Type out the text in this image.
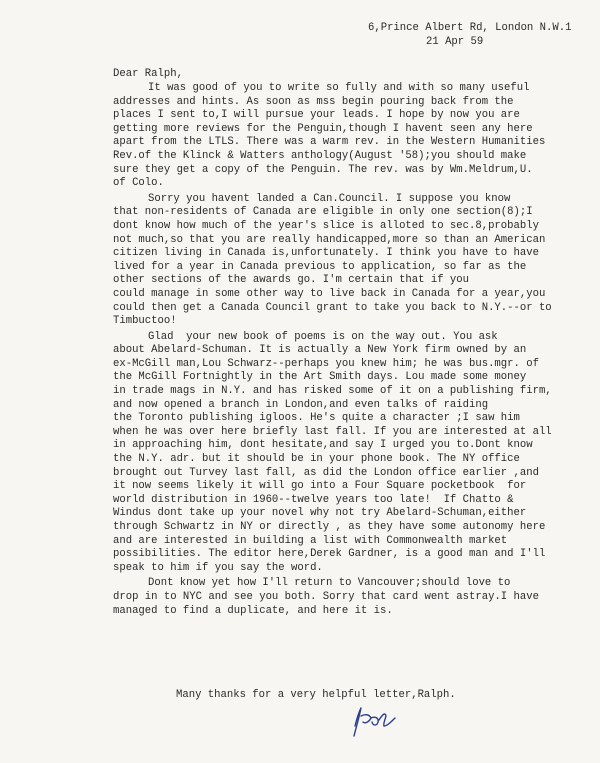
6,Prince Albert Rd, London N.W.1
21 Apr 59
Dear Ralph,
It was good of you to write so fully and with so many useful
addresses and hints. As soon as mss begin pouring back from the
places I sent to,I will pursue your leads. I hope by now you are
getting more reviews for the Penguin,though I havent seen any here
apart from the LTLS. There was a warm rev. in the Western Humanities
Rev.of the Klinck & Watters anthology(August '58);you should make
sure they get a copy of the Penguin. The rev. was by Wm.Meldrum,U.
of Colo.
Sorry you havent landed a Can.Council. I suppose you know
that non-residents of Canada are eligible in only one section(8);I
dont know how much of the year's slice is alloted to sec.8,probably
not much,so that you are really handicapped,more so than an American
citizen living in Canada is,unfortunately. I think you have to have
lived for a year in Canada previous to application, so far as the
other sections of the awards go. I'm certain that if you
could manage in some other way to live back in Canada for a year,you
could then get a Canada Council grant to take you back to N.Y.--or to
Timbuctoo!
Glad  your new book of poems is on the way out. You ask
about Abelard-Schuman. It is actually a New York firm owned by an
ex-McGill man,Lou Schwarz--perhaps you knew him; he was bus.mgr. of
the McGill Fortnightly in the Art Smith days. Lou made some money
in trade mags in N.Y. and has risked some of it on a publishing firm,
and now opened a branch in London,and even talks of raiding
the Toronto publishing igloos. He's quite a character ;I saw him
when he was over here briefly last fall. If you are interested at all
in approaching him, dont hesitate,and say I urged you to.Dont know
the N.Y. adr. but it should be in your phone book. The NY office
brought out Turvey last fall, as did the London office earlier ,and
it now seems likely it will go into a Four Square pocketbook  for
world distribution in 1960--twelve years too late!  If Chatto &
Windus dont take up your novel why not try Abelard-Schuman,either
through Schwartz in NY or directly , as they have some autonomy here
and are interested in building a list with Commonwealth market
possibilities. The editor here,Derek Gardner, is a good man and I'll
speak to him if you say the word.
Dont know yet how I'll return to Vancouver;should love to
drop in to NYC and see you both. Sorry that card went astray.I have
managed to find a duplicate, and here it is.
Many thanks for a very helpful letter,Ralph.
